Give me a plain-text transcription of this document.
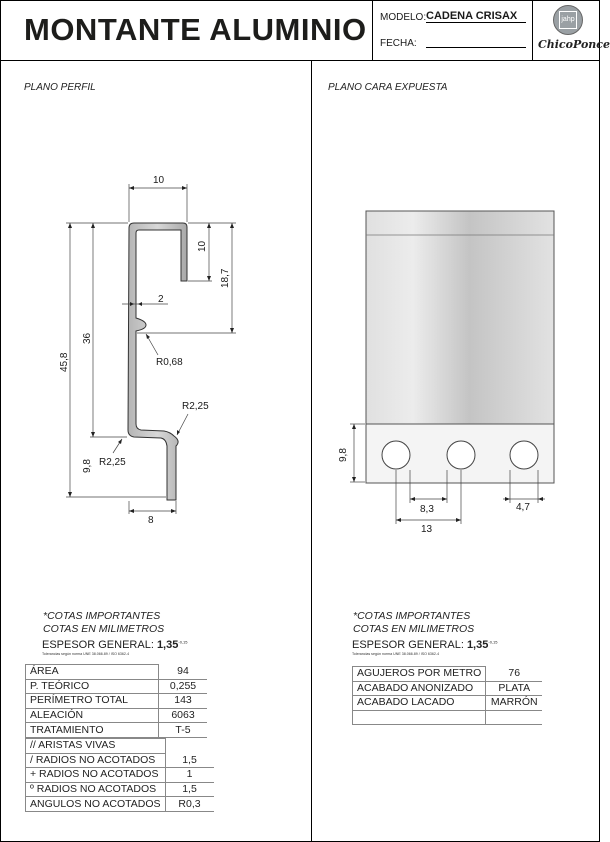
MONTANTE ALUMINIO MODELO: CADENA CRISAX
FECHA:
jahp
ChicoPonce
PLANO PERFIL	PLANO CARA EXPUESTA
10
10
18,7
2
36
45,8	R0,68
R2,25
R2,25
9,8
8
9,8
8,3
13
4,7
*COTAS IMPORTANTES
COTAS EN MILIMETROS
ESPESOR GENERAL: $1,35^{-0,15}$
Tolerancias según norma UNE 38.066.89 / ISO 6362-4
*COTAS IMPORTANTES
COTAS EN MILIMETROS
ESPESOR GENERAL: $1,35^{-0,15}$
Tolerancias según norma UNE 38.066.89 / ISO 6362-4
ÁREA	94
P. TEÓRICO	0,255
PERÍMETRO TOTAL	143
ALEACIÓN	6063
TRATAMIENTO	T-5
// ARISTAS VIVAS	
/ RADIOS NO ACOTADOS	1,5
+ RADIOS NO ACOTADOS	1
º RADIOS NO ACOTADOS	1,5
ANGULOS NO ACOTADOS	R0,3
AGUJEROS POR METRO	76
ACABADO ANONIZADO	PLATA
ACABADO LACADO	MARRÓN
